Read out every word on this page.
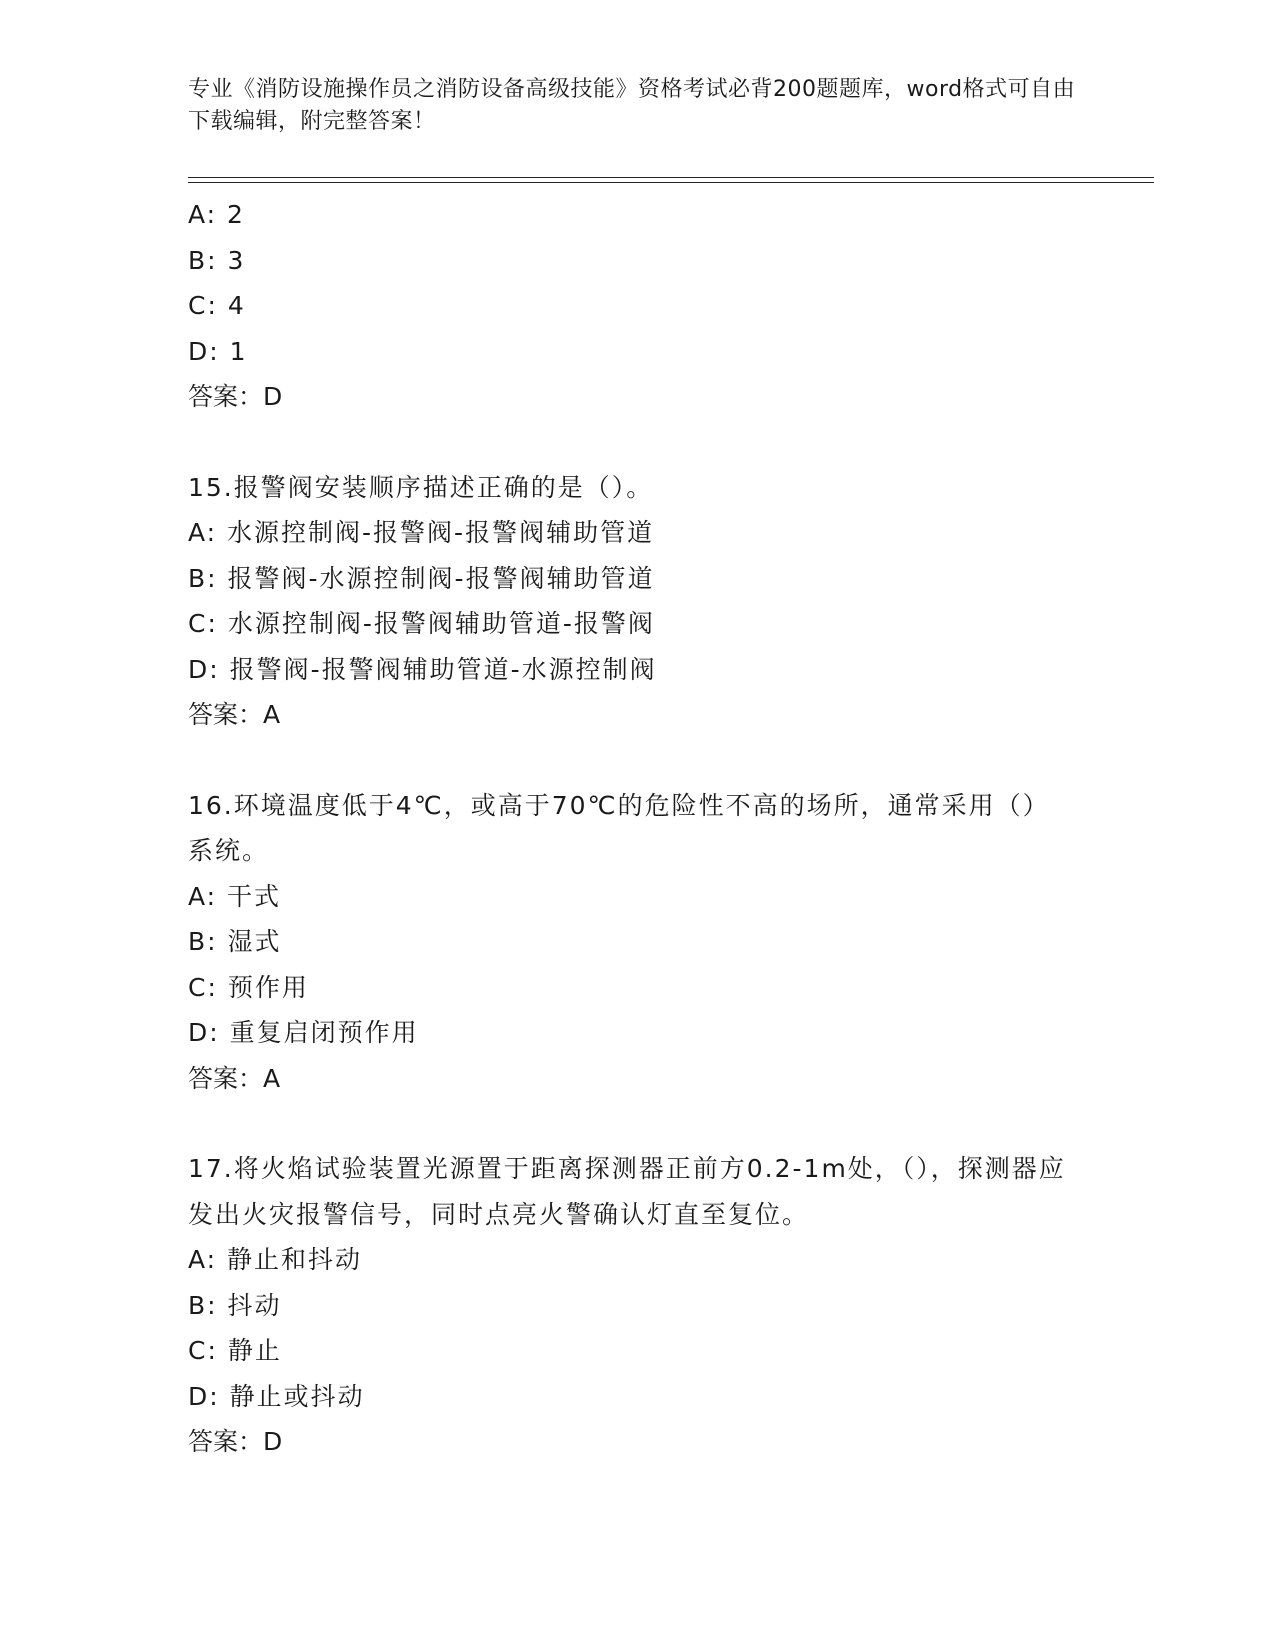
专业《消防设施操作员之消防设备高级技能》资格考试必背200题题库，word格式可自由下载编辑，附完整答案！
A: 2
B: 3
C: 4
D: 1
答案：D
15.报警阀安装顺序描述正确的是（）。
A: 水源控制阀-报警阀-报警阀辅助管道
B: 报警阀-水源控制阀-报警阀辅助管道
C: 水源控制阀-报警阀辅助管道-报警阀
D: 报警阀-报警阀辅助管道-水源控制阀
答案：A
16.环境温度低于4℃，或高于70℃的危险性不高的场所，通常采用（）系统。
A: 干式
B: 湿式
C: 预作用
D: 重复启闭预作用
答案：A
17.将火焰试验装置光源置于距离探测器正前方0.2-1m处，（），探测器应发出火灾报警信号，同时点亮火警确认灯直至复位。
A: 静止和抖动
B: 抖动
C: 静止
D: 静止或抖动
答案：D
